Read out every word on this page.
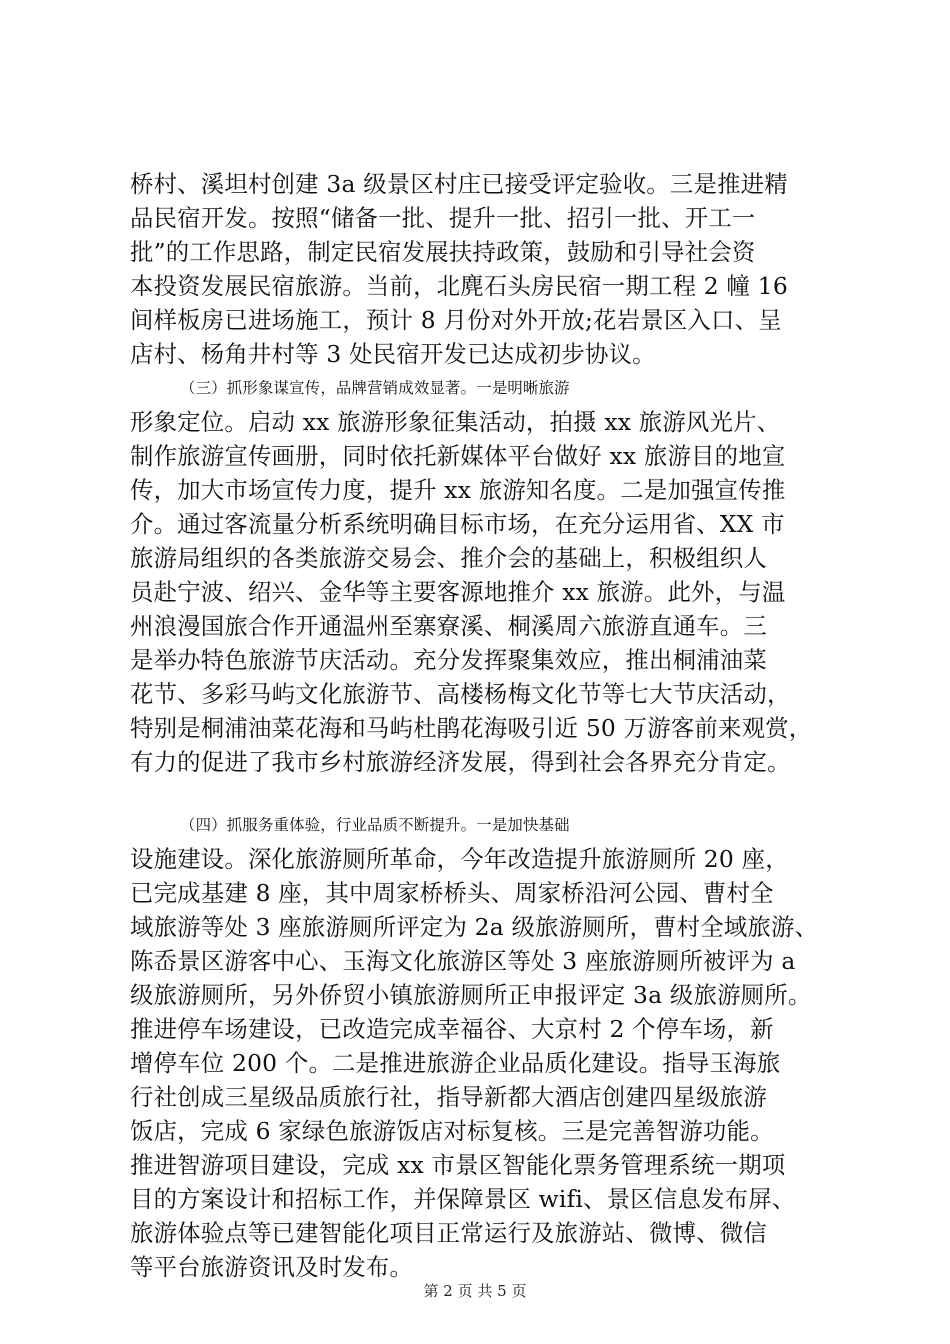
桥村、溪坦村创建 3a 级景区村庄已接受评定验收。三是推进精
品民宿开发。按照“储备一批、提升一批、招引一批、开工一
批”的工作思路，制定民宿发展扶持政策，鼓励和引导社会资
本投资发展民宿旅游。当前，北麂石头房民宿一期工程 2 幢 16
间样板房已进场施工，预计 8 月份对外开放;花岩景区入口、呈
店村、杨角井村等 3 处民宿开发已达成初步协议。
（三）抓形象谋宣传，品牌营销成效显著。一是明晰旅游
形象定位。启动 xx 旅游形象征集活动，拍摄 xx 旅游风光片、
制作旅游宣传画册，同时依托新媒体平台做好 xx 旅游目的地宣
传，加大市场宣传力度，提升 xx 旅游知名度。二是加强宣传推
介。通过客流量分析系统明确目标市场，在充分运用省、XX 市
旅游局组织的各类旅游交易会、推介会的基础上，积极组织人
员赴宁波、绍兴、金华等主要客源地推介 xx 旅游。此外，与温
州浪漫国旅合作开通温州至寨寮溪、桐溪周六旅游直通车。三
是举办特色旅游节庆活动。充分发挥聚集效应，推出桐浦油菜
花节、多彩马屿文化旅游节、高楼杨梅文化节等七大节庆活动，
特别是桐浦油菜花海和马屿杜鹃花海吸引近 50 万游客前来观赏，
有力的促进了我市乡村旅游经济发展，得到社会各界充分肯定。
（四）抓服务重体验，行业品质不断提升。一是加快基础
设施建设。深化旅游厕所革命，今年改造提升旅游厕所 20 座，
已完成基建 8 座，其中周家桥桥头、周家桥沿河公园、曹村全
域旅游等处 3 座旅游厕所评定为 2a 级旅游厕所，曹村全域旅游、
陈岙景区游客中心、玉海文化旅游区等处 3 座旅游厕所被评为 a
级旅游厕所，另外侨贸小镇旅游厕所正申报评定 3a 级旅游厕所。
推进停车场建设，已改造完成幸福谷、大京村 2 个停车场，新
增停车位 200 个。二是推进旅游企业品质化建设。指导玉海旅
行社创成三星级品质旅行社，指导新都大酒店创建四星级旅游
饭店，完成 6 家绿色旅游饭店对标复核。三是完善智游功能。
推进智游项目建设，完成 xx 市景区智能化票务管理系统一期项
目的方案设计和招标工作，并保障景区 wifi、景区信息发布屏、
旅游体验点等已建智能化项目正常运行及旅游站、微博、微信
等平台旅游资讯及时发布。
第 2 页 共 5 页
